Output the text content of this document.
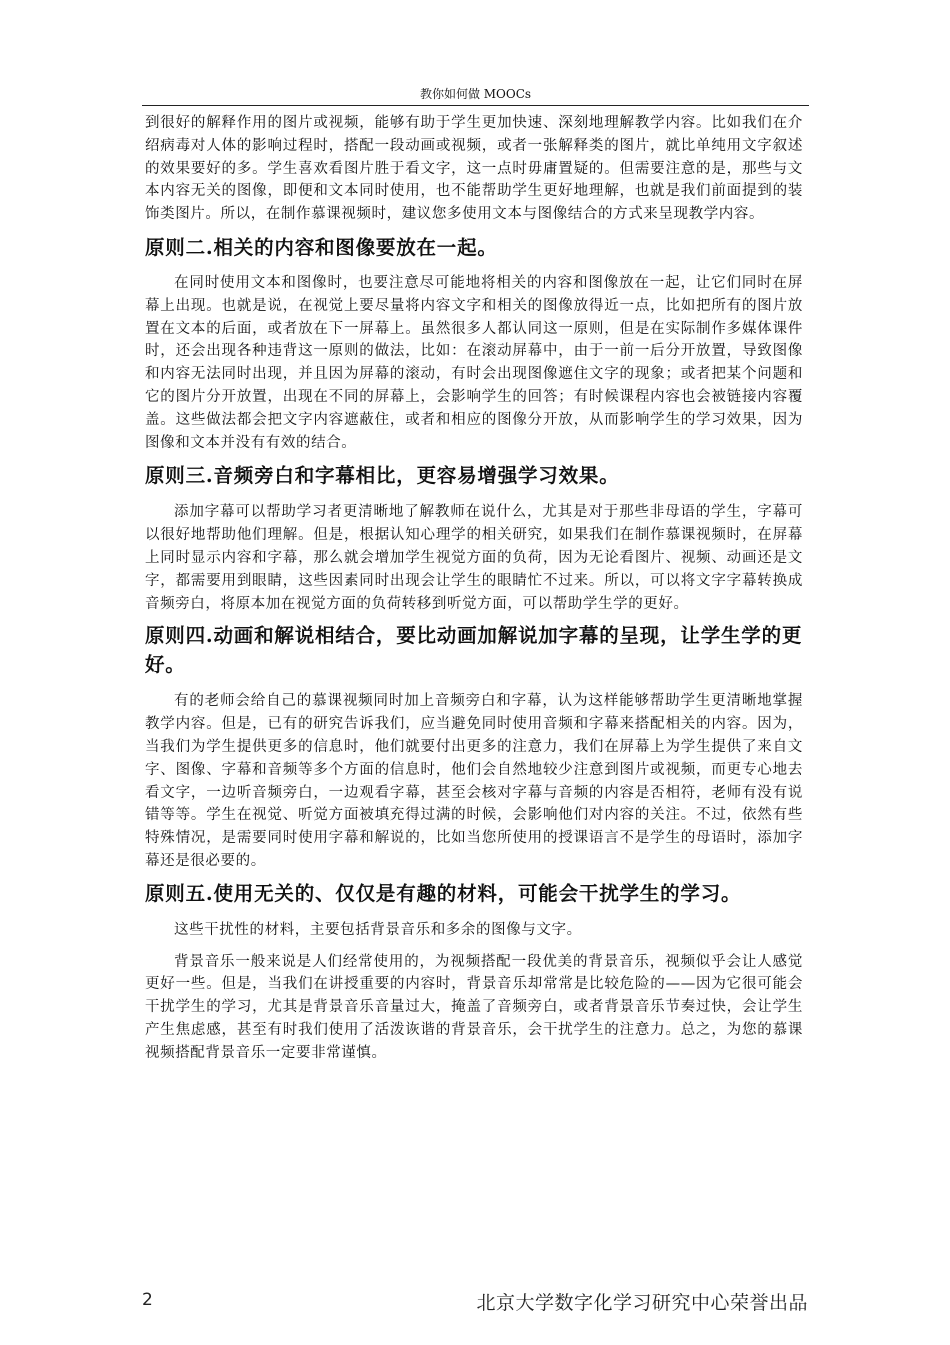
教你如何做 MOOCs

到很好的解释作用的图片或视频，能够有助于学生更加快速、深刻地理解教学内容。比如我们在介绍病毒对人体的影响过程时，搭配一段动画或视频，或者一张解释类的图片，就比单纯用文字叙述的效果要好的多。学生喜欢看图片胜于看文字，这一点时毋庸置疑的。但需要注意的是，那些与文本内容无关的图像，即便和文本同时使用，也不能帮助学生更好地理解，也就是我们前面提到的装饰类图片。所以，在制作慕课视频时，建议您多使用文本与图像结合的方式来呈现教学内容。

原则二.相关的内容和图像要放在一起。

在同时使用文本和图像时，也要注意尽可能地将相关的内容和图像放在一起，让它们同时在屏幕上出现。也就是说，在视觉上要尽量将内容文字和相关的图像放得近一点，比如把所有的图片放置在文本的后面，或者放在下一屏幕上。虽然很多人都认同这一原则，但是在实际制作多媒体课件时，还会出现各种违背这一原则的做法，比如：在滚动屏幕中，由于一前一后分开放置，导致图像和内容无法同时出现，并且因为屏幕的滚动，有时会出现图像遮住文字的现象；或者把某个问题和它的图片分开放置，出现在不同的屏幕上，会影响学生的回答；有时候课程内容也会被链接内容覆盖。这些做法都会把文字内容遮蔽住，或者和相应的图像分开放，从而影响学生的学习效果，因为图像和文本并没有有效的结合。

原则三.音频旁白和字幕相比，更容易增强学习效果。

添加字幕可以帮助学习者更清晰地了解教师在说什么，尤其是对于那些非母语的学生，字幕可以很好地帮助他们理解。但是，根据认知心理学的相关研究，如果我们在制作慕课视频时，在屏幕上同时显示内容和字幕，那么就会增加学生视觉方面的负荷，因为无论看图片、视频、动画还是文字，都需要用到眼睛，这些因素同时出现会让学生的眼睛忙不过来。所以，可以将文字字幕转换成音频旁白，将原本加在视觉方面的负荷转移到听觉方面，可以帮助学生学的更好。

原则四.动画和解说相结合，要比动画加解说加字幕的呈现，让学生学的更好。

有的老师会给自己的慕课视频同时加上音频旁白和字幕，认为这样能够帮助学生更清晰地掌握教学内容。但是，已有的研究告诉我们，应当避免同时使用音频和字幕来搭配相关的内容。因为，当我们为学生提供更多的信息时，他们就要付出更多的注意力，我们在屏幕上为学生提供了来自文字、图像、字幕和音频等多个方面的信息时，他们会自然地较少注意到图片或视频，而更专心地去看文字，一边听音频旁白，一边观看字幕，甚至会核对字幕与音频的内容是否相符，老师有没有说错等等。学生在视觉、听觉方面被填充得过满的时候，会影响他们对内容的关注。不过，依然有些特殊情况，是需要同时使用字幕和解说的，比如当您所使用的授课语言不是学生的母语时，添加字幕还是很必要的。

原则五.使用无关的、仅仅是有趣的材料，可能会干扰学生的学习。

这些干扰性的材料，主要包括背景音乐和多余的图像与文字。

背景音乐一般来说是人们经常使用的，为视频搭配一段优美的背景音乐，视频似乎会让人感觉更好一些。但是，当我们在讲授重要的内容时，背景音乐却常常是比较危险的——因为它很可能会干扰学生的学习，尤其是背景音乐音量过大，掩盖了音频旁白，或者背景音乐节奏过快，会让学生产生焦虑感，甚至有时我们使用了活泼诙谐的背景音乐，会干扰学生的注意力。总之，为您的慕课视频搭配背景音乐一定要非常谨慎。

2	北京大学数字化学习研究中心荣誉出品
